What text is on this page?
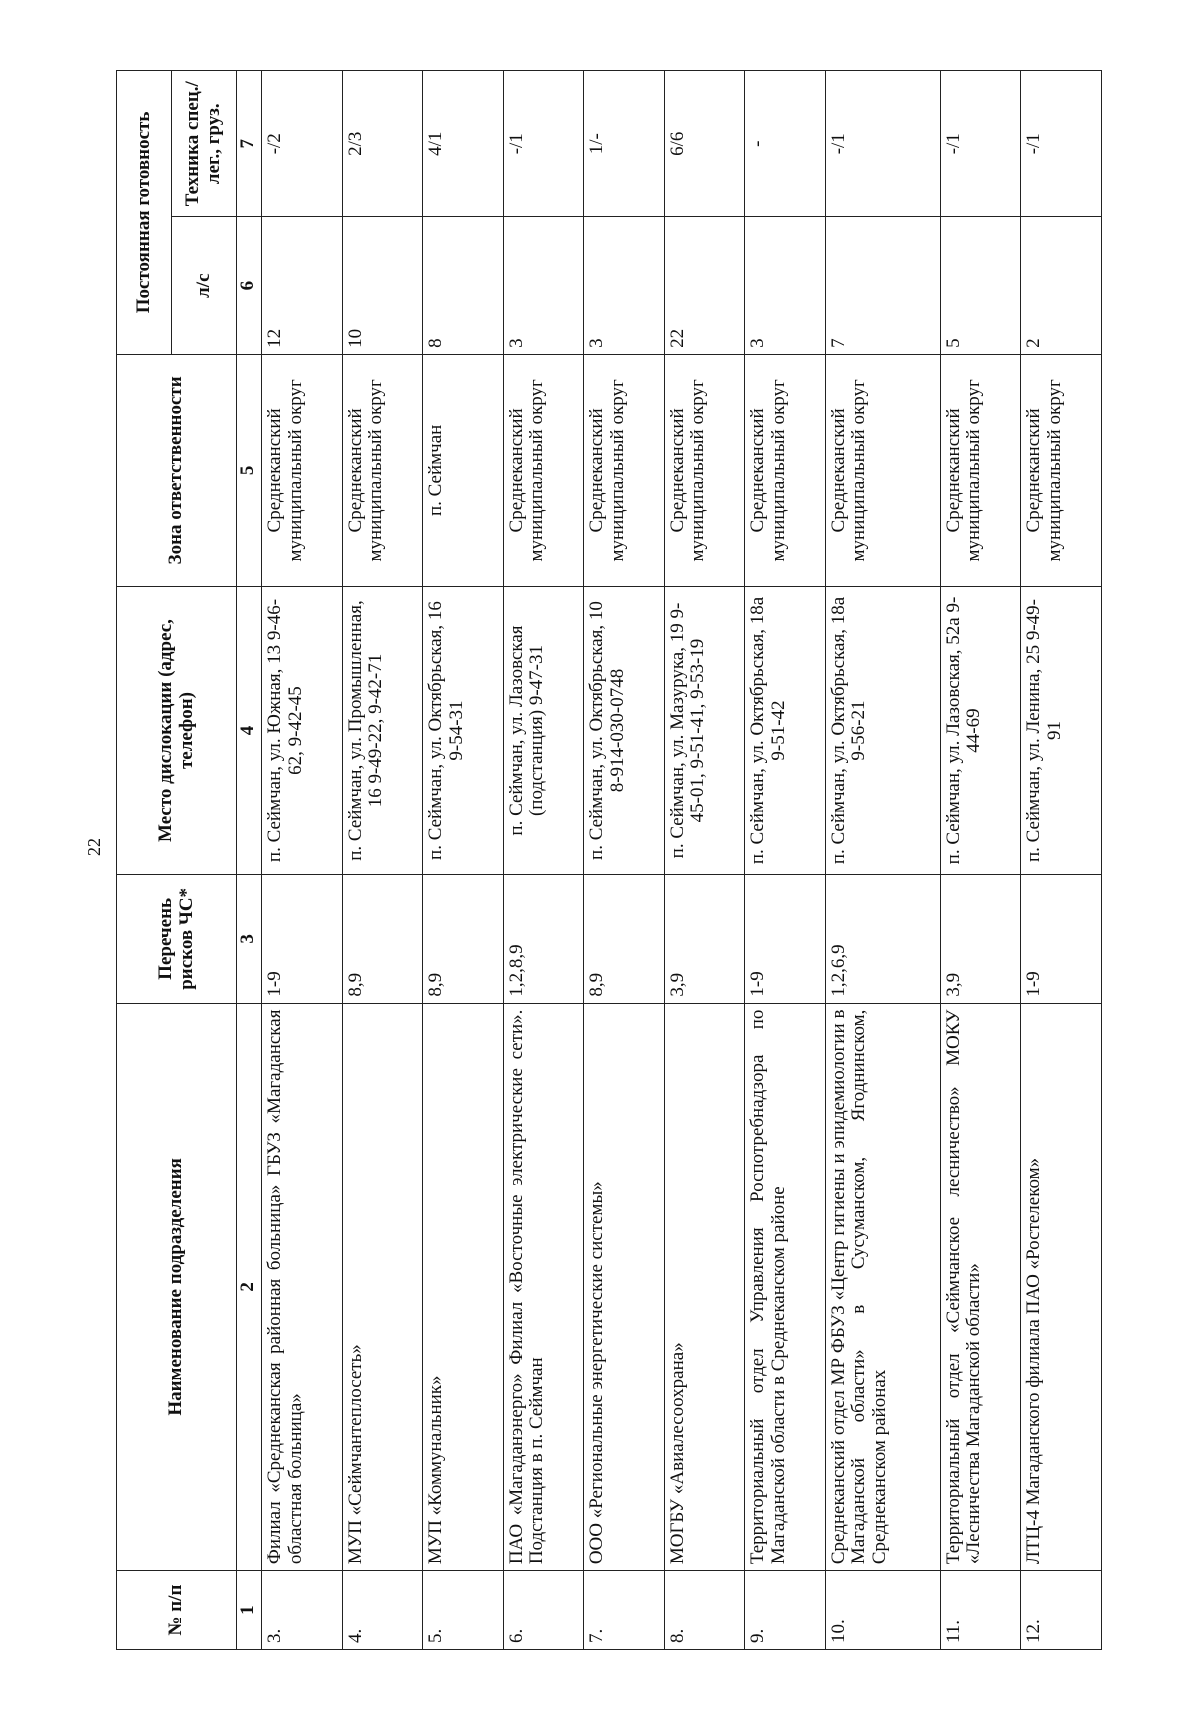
22
№ п/п	Наименование подразделения	Перечень рисков ЧС*	Место дислокации (адрес, телефон)	Зона ответственности	Постоянная готовность	
					л/с	Техника спец./лег., груз.
1	2	3	4	5	6	7
3.	Филиал «Среднеканская районная больница» ГБУЗ «Магаданская областная больница»	1-9	п. Сеймчан, ул. Южная, 13 9-46-62, 9-42-45	Среднеканский муниципальный округ	12	-/2
4.	МУП «Сеймчантеплосеть»	8,9	п. Сеймчан, ул. Промышленная, 16 9-49-22, 9-42-71	Среднеканский муниципальный округ	10	2/3
5.	МУП «Коммунальник»	8,9	п. Сеймчан, ул. Октябрьская, 16 9-54-31	п. Сеймчан	8	4/1
6.	ПАО «Магаданэнерго» Филиал «Восточные электрические сети». Подстанция в п. Сеймчан	1,2,8,9	п. Сеймчан, ул. Лазовская (подстанция) 9-47-31	Среднеканский муниципальный округ	3	-/1
7.	ООО «Региональные энергетические системы»	8,9	п. Сеймчан, ул. Октябрьская, 10 8-914-030-0748	Среднеканский муниципальный округ	3	1/-
8.	МОГБУ «Авиалесоохрана»	3,9	п. Сеймчан, ул. Мазурука, 19 9-45-01, 9-51-41, 9-53-19	Среднеканский муниципальный округ	22	6/6
9.	Территориальный отдел Управления Роспотребнадзора по Магаданской области в Среднеканском районе	1-9	п. Сеймчан, ул. Октябрьская, 18а 9-51-42	Среднеканский муниципальный округ	3	-
10.	Среднеканский отдел МР ФБУЗ «Центр гигиены и эпидемиологии в Магаданской области» в Сусуманском, Ягоднинском, Среднеканском районах	1,2,6,9	п. Сеймчан, ул. Октябрьская, 18а 9-56-21	Среднеканский муниципальный округ	7	-/1
11.	Территориальный отдел «Сеймчанское лесничество» МОКУ «Лесничества Магаданской области»	3,9	п. Сеймчан, ул. Лазовская, 52а 9-44-69	Среднеканский муниципальный округ	5	-/1
12.	ЛТЦ-4 Магаданского филиала ПАО «Ростелеком»	1-9	п. Сеймчан, ул. Ленина, 25 9-49-91	Среднеканский муниципальный округ	2	-/1
